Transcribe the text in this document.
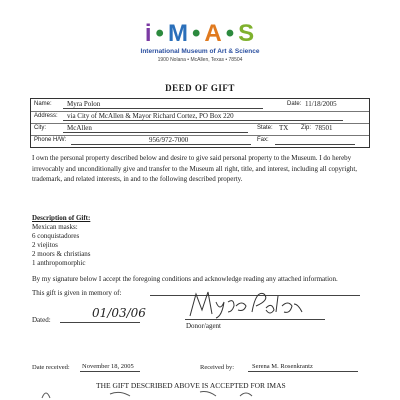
i • M • A • S
International Museum of Art & Science
1900 Nolana • McAllen, Texas • 78504
DEED OF GIFT
Name: Myra Polon	Date: 11/18/2005
Address: via City of McAllen & Mayor Richard Cortez, PO Box 220
City:	McAllen	State: TX Zip: 78501
Phone H/W:	956/972-7000	Fax:
I own the personal property described below and desire to give said personal property to the Museum. I do hereby irrevocably and unconditionally give and transfer to the Museum all right, title, and interest, including all copyright, trademark, and related interests, in and to the following described property.
Description of Gift:
Mexican masks:
6 conquistadores
2 viejitos
2 moors & christians
1 anthropomorphic
By my signature below I accept the foregoing conditions and acknowledge reading any attached information.
This gift is given in memory of:
Dated:	01/03/06
Donor/agent
Date received: November 18, 2005	Received by:	Serena M. Rosenkrantz
THE GIFT DESCRIBED ABOVE IS ACCEPTED FOR IMAS
